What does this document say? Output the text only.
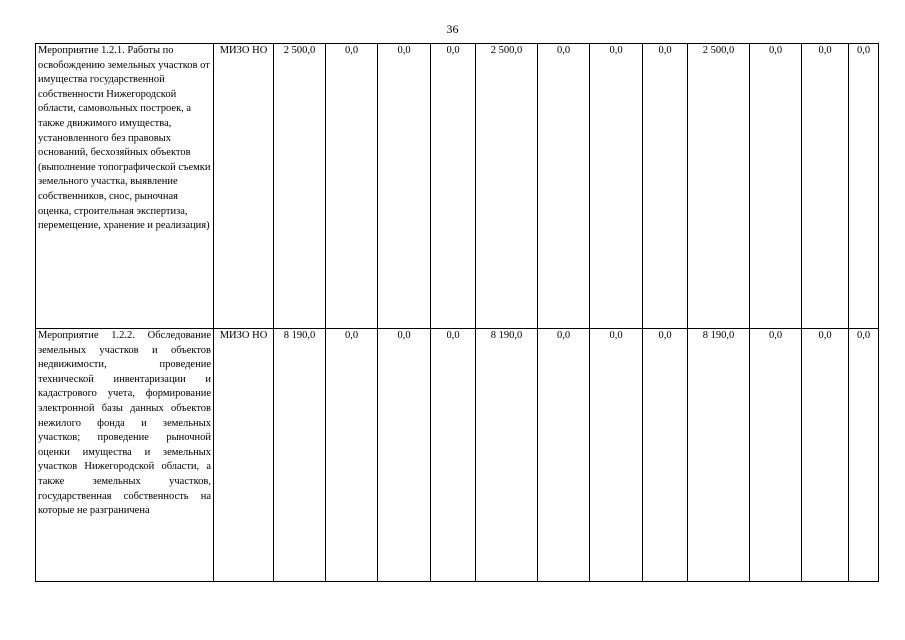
36
Мероприятие 1.2.1. Работы по освобождению земельных участков от имущества государственной собственности Нижегородской области, самовольных построек, а также движимого имущества, установленного без правовых оснований, бесхозяйных объектов (выполнение топографической съемки земельного участка, выявление собственников, снос, рыночная оценка, строительная экспертиза, перемещение, хранение и реализация)	МИЗО НО	2 500,0	0,0	0,0	0,0	2 500,0	0,0	0,0	0,0	2 500,0	0,0	0,0	0,0
Мероприятие 1.2.2. Обследование земельных участков и объектов недвижимости, проведение технической инвентаризации и кадастрового учета, формирование электронной базы данных объектов нежилого фонда и земельных участков; проведение рыночной оценки имущества и земельных участков Нижегородской области, а также земельных участков, государственная собственность на которые не разграничена	МИЗО НО	8 190,0	0,0	0,0	0,0	8 190,0	0,0	0,0	0,0	8 190,0	0,0	0,0	0,0
